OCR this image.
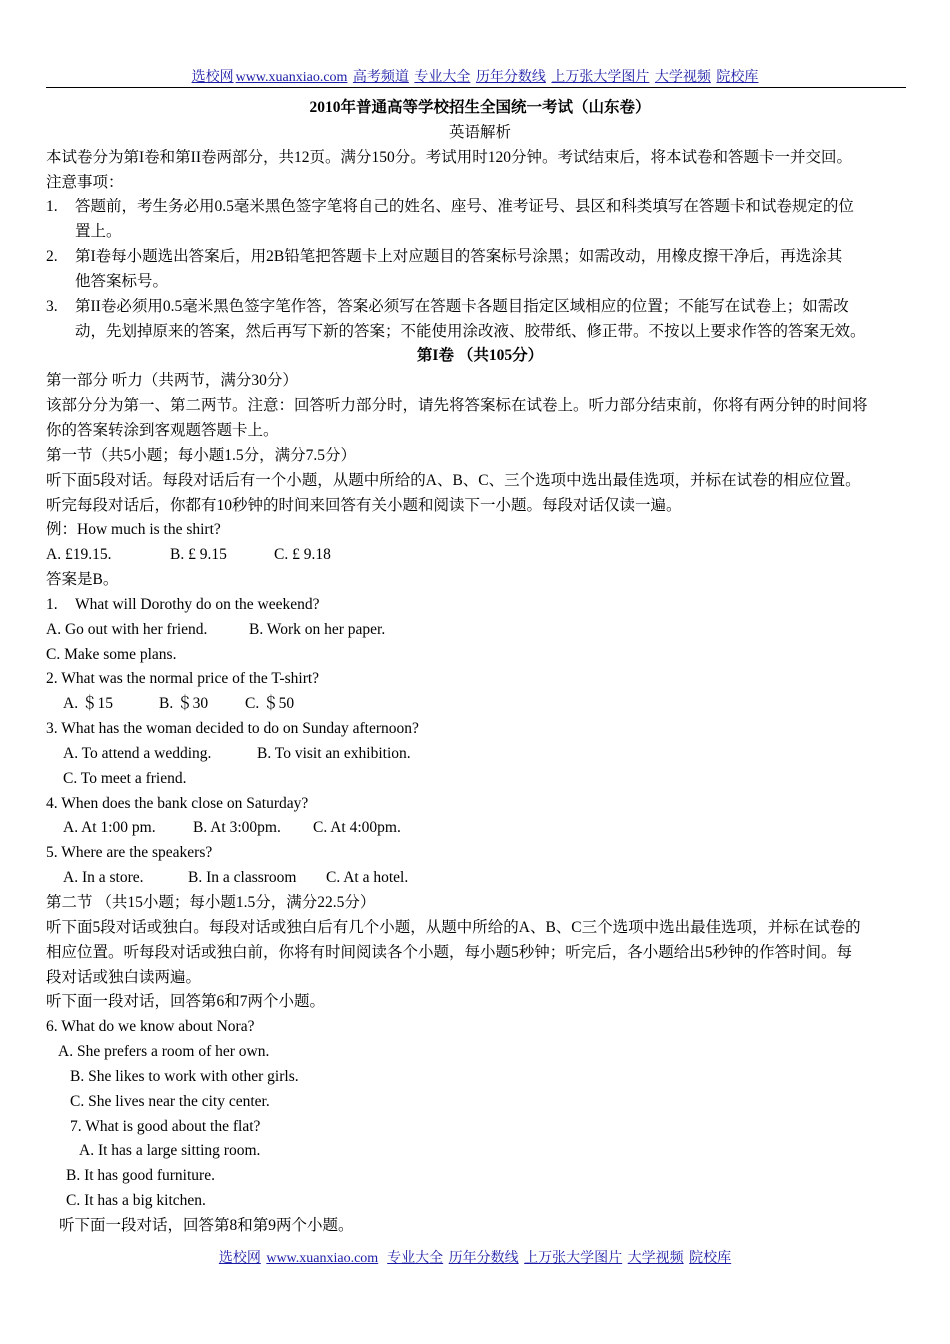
选校网 www.xuanxiao.com 高考频道 专业大全 历年分数线 上万张大学图片 大学视频 院校库
2010年普通高等学校招生全国统一考试（山东卷）
英语解析
本试卷分为第I卷和第II卷两部分，共12页。满分150分。考试用时120分钟。考试结束后，将本试卷和答题卡一并交回。
注意事项：
1. 答题前，考生务必用0.5毫米黑色签字笔将自己的姓名、座号、准考证号、县区和科类填写在答题卡和试卷规定的位
置上。
2. 第I卷每小题选出答案后，用2B铅笔把答题卡上对应题目的答案标号涂黑；如需改动，用橡皮擦干净后，再选涂其
他答案标号。
3. 第II卷必须用0.5毫米黑色签字笔作答，答案必须写在答题卡各题目指定区域相应的位置；不能写在试卷上；如需改
动，先划掉原来的答案，然后再写下新的答案；不能使用涂改液、胶带纸、修正带。不按以上要求作答的答案无效。
第I卷 （共105分）
第一部分 听力（共两节，满分30分）
该部分分为第一、第二两节。注意：回答听力部分时，请先将答案标在试卷上。听力部分结束前，你将有两分钟的时间将
你的答案转涂到客观题答题卡上。
第一节（共5小题；每小题1.5分，满分7.5分）
听下面5段对话。每段对话后有一个小题，从题中所给的A、B、C、三个选项中选出最佳选项，并标在试卷的相应位置。
听完每段对话后，你都有10秒钟的时间来回答有关小题和阅读下一小题。每段对话仅读一遍。
例：How much is the shirt?
A. £19.15.	B. £ 9.15	C. £ 9.18
答案是B。
1. What will Dorothy do on the weekend?
A. Go out with her friend.	B. Work on her paper.
C. Make some plans.
2. What was the normal price of the T-shirt?
A. ＄15	B. ＄30 C. ＄50
3. What has the woman decided to do on Sunday afternoon?
A. To attend a wedding.	B. To visit an exhibition.
C. To meet a friend.
4. When does the bank close on Saturday?
A. At 1:00 pm. B. At 3:00pm. C. At 4:00pm.
5. Where are the speakers?
A. In a store.	B. In a classroom C. At a hotel.
第二节 （共15小题；每小题1.5分，满分22.5分）
听下面5段对话或独白。每段对话或独白后有几个小题，从题中所给的A、B、C三个选项中选出最佳选项，并标在试卷的
相应位置。听每段对话或独白前，你将有时间阅读各个小题，每小题5秒钟；听完后，各小题给出5秒钟的作答时间。每
段对话或独白读两遍。
听下面一段对话，回答第6和7两个小题。
6. What do we know about Nora?
A. She prefers a room of her own.
B. She likes to work with other girls.
C. She lives near the city center.
7. What is good about the flat?
A. It has a large sitting room.
B. It has good furniture.
C. It has a big kitchen.
听下面一段对话，回答第8和第9两个小题。
选校网 www.xuanxiao.com 专业大全 历年分数线 上万张大学图片 大学视频 院校库
